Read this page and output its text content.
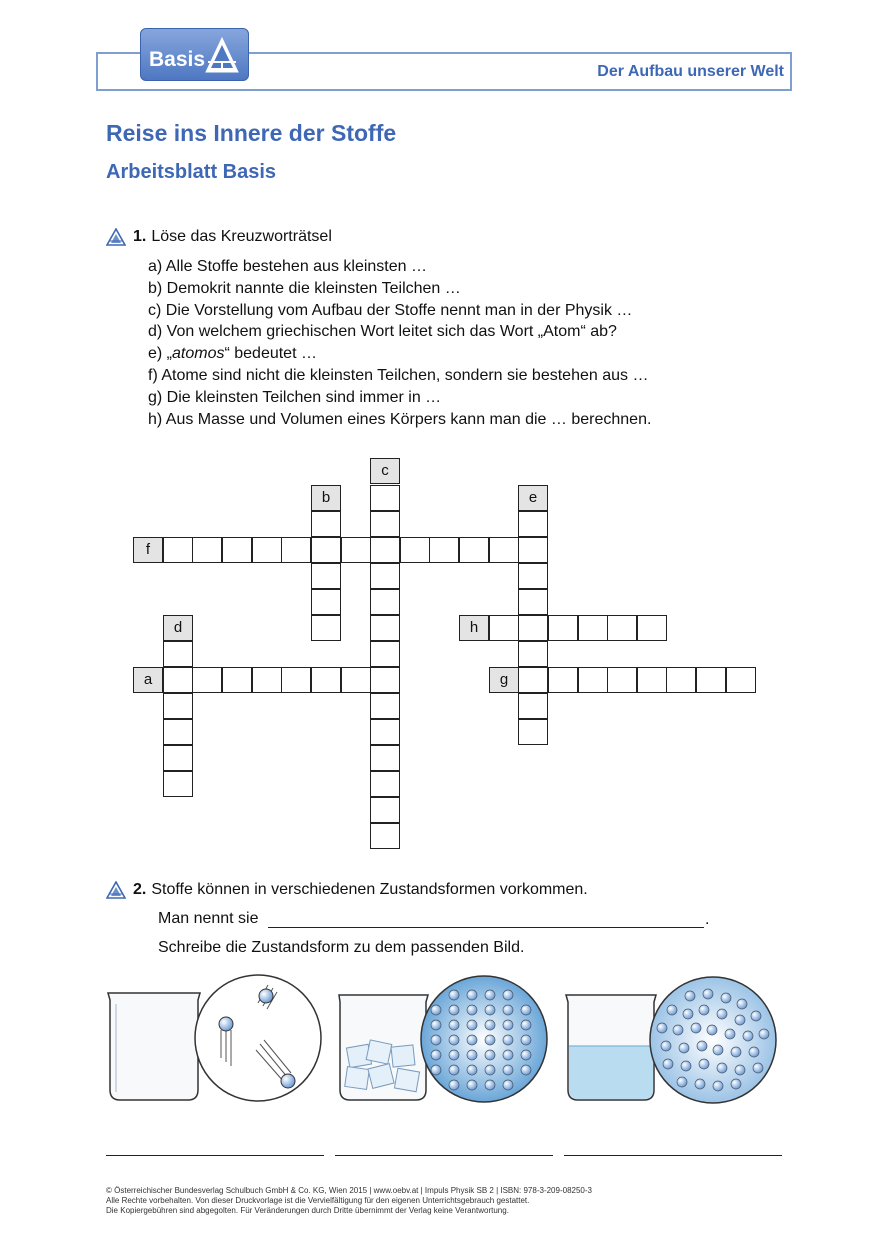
Basis
Der Aufbau unserer Welt
Reise ins Innere der Stoffe
Arbeitsblatt Basis
1. Löse das Kreuzworträtsel
a) Alle Stoffe bestehen aus kleinsten …
b) Demokrit nannte die kleinsten Teilchen …
c) Die Vorstellung vom Aufbau der Stoffe nennt man in der Physik …
d) Von welchem griechischen Wort leitet sich das Wort „Atom“ ab?
e) „atomos“ bedeutet …
f) Atome sind nicht die kleinsten Teilchen, sondern sie bestehen aus …
g) Die kleinsten Teilchen sind immer in …
h) Aus Masse und Volumen eines Körpers kann man die … berechnen.
c
b	e
f
d	h
a	g
2. Stoffe können in verschiedenen Zustandsformen vorkommen.
Man nennt sie	.
Schreibe die Zustandsform zu dem passenden Bild.
© Österreichischer Bundesverlag Schulbuch GmbH & Co. KG, Wien 2015 | www.oebv.at | Impuls Physik SB 2 | ISBN: 978-3-209-08250-3
Alle Rechte vorbehalten. Von dieser Druckvorlage ist die Vervielfältigung für den eigenen Unterrichtsgebrauch gestattet.
Die Kopiergebühren sind abgegolten. Für Veränderungen durch Dritte übernimmt der Verlag keine Verantwortung.
